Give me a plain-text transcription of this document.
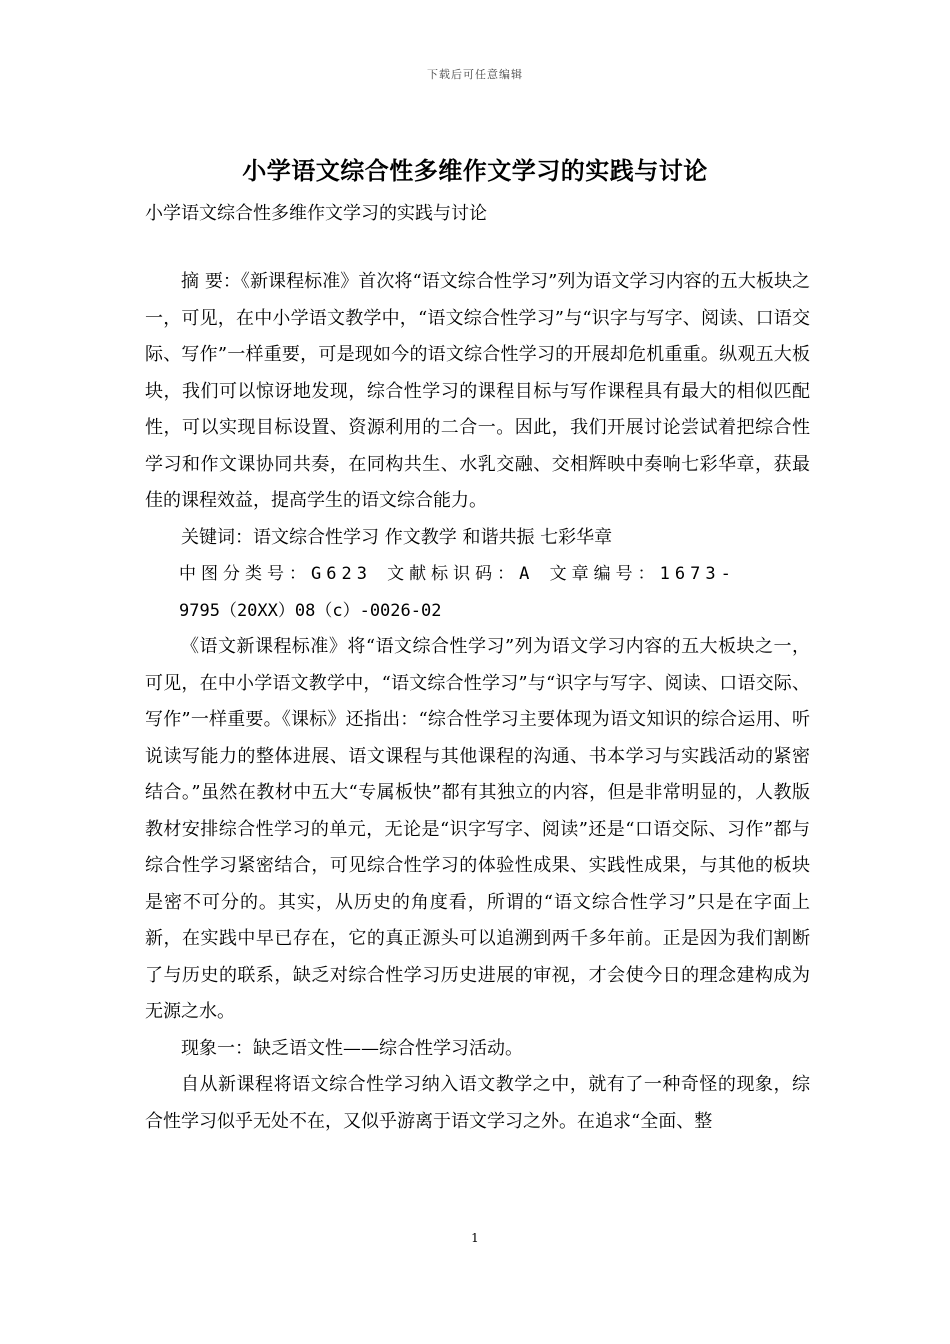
下载后可任意编辑
小学语文综合性多维作文学习的实践与讨论
小学语文综合性多维作文学习的实践与讨论

摘 要：《新课程标准》首次将“语文综合性学习”列为语文学习内容的五大板块之一，可见，在中小学语文教学中，“语文综合性学习”与“识字与写字、阅读、口语交际、写作”一样重要，可是现如今的语文综合性学习的开展却危机重重。纵观五大板块，我们可以惊讶地发现，综合性学习的课程目标与写作课程具有最大的相似匹配性，可以实现目标设置、资源利用的二合一。因此，我们开展讨论尝试着把综合性学习和作文课协同共奏，在同构共生、水乳交融、交相辉映中奏响七彩华章，获最佳的课程效益，提高学生的语文综合能力。

关键词：语文综合性学习 作文教学 和谐共振 七彩华章

中图分类号：G623 文献标识码：A 文章编号：1673-

9795（20XX）08（c）-0026-02

《语文新课程标准》将“语文综合性学习”列为语文学习内容的五大板块之一，可见，在中小学语文教学中，“语文综合性学习”与“识字与写字、阅读、口语交际、写作”一样重要。《课标》还指出：“综合性学习主要体现为语文知识的综合运用、听说读写能力的整体进展、语文课程与其他课程的沟通、书本学习与实践活动的紧密结合。”虽然在教材中五大“专属板快”都有其独立的内容，但是非常明显的，人教版教材安排综合性学习的单元，无论是“识字写字、阅读”还是“口语交际、习作”都与综合性学习紧密结合，可见综合性学习的体验性成果、实践性成果，与其他的板块是密不可分的。其实，从历史的角度看，所谓的“语文综合性学习”只是在字面上新，在实践中早已存在，它的真正源头可以追溯到两千多年前。正是因为我们割断了与历史的联系，缺乏对综合性学习历史进展的审视，才会使今日的理念建构成为无源之水。

现象一：缺乏语文性——综合性学习活动。

自从新课程将语文综合性学习纳入语文教学之中，就有了一种奇怪的现象，综合性学习似乎无处不在，又似乎游离于语文学习之外。在追求“全面、整

1
